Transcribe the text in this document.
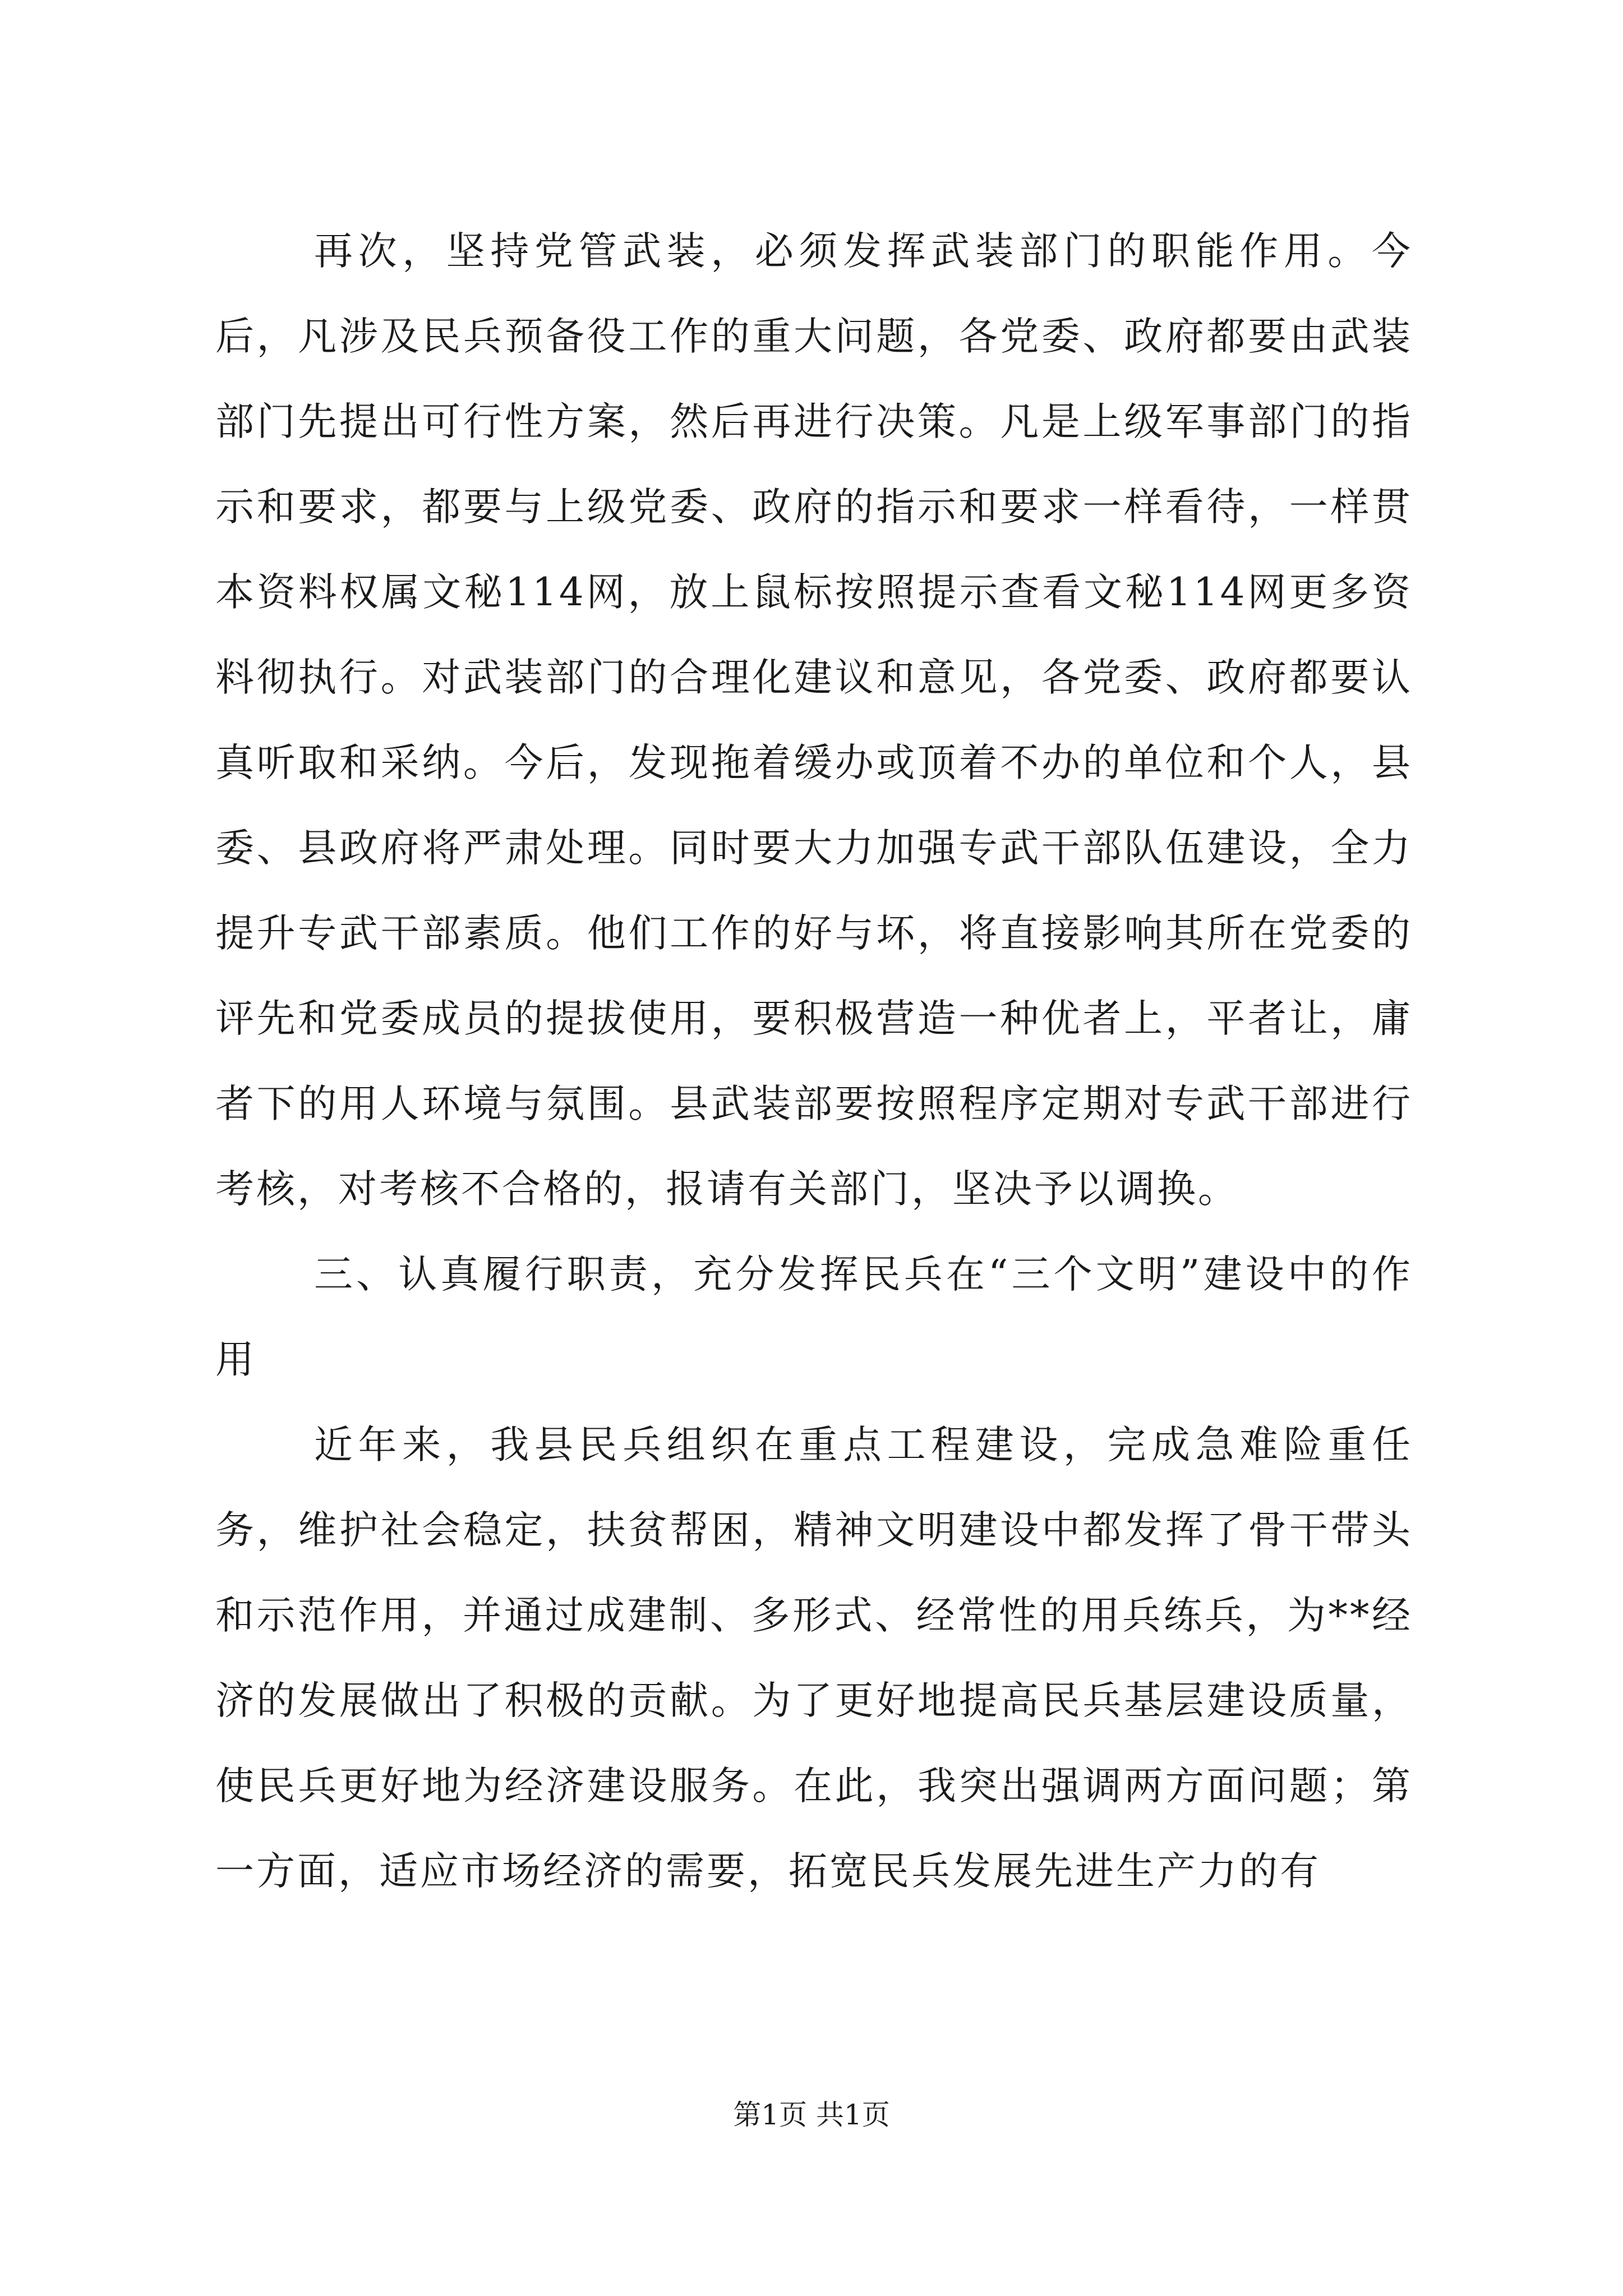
再次，坚持党管武装，必须发挥武装部门的职能作用。今后，凡涉及民兵预备役工作的重大问题，各党委、政府都要由武装部门先提出可行性方案，然后再进行决策。凡是上级军事部门的指示和要求，都要与上级党委、政府的指示和要求一样看待，一样贯本资料权属文秘114网，放上鼠标按照提示查看文秘114网更多资料彻执行。对武装部门的合理化建议和意见，各党委、政府都要认真听取和采纳。今后，发现拖着缓办或顶着不办的单位和个人，县委、县政府将严肃处理。同时要大力加强专武干部队伍建设，全力提升专武干部素质。他们工作的好与坏，将直接影响其所在党委的评先和党委成员的提拔使用，要积极营造一种优者上，平者让，庸者下的用人环境与氛围。县武装部要按照程序定期对专武干部进行考核，对考核不合格的，报请有关部门，坚决予以调换。

三、认真履行职责，充分发挥民兵在“三个文明”建设中的作用

近年来，我县民兵组织在重点工程建设，完成急难险重任务，维护社会稳定，扶贫帮困，精神文明建设中都发挥了骨干带头和示范作用，并通过成建制、多形式、经常性的用兵练兵，为**经济的发展做出了积极的贡献。为了更好地提高民兵基层建设质量，使民兵更好地为经济建设服务。在此，我突出强调两方面问题；第一方面，适应市场经济的需要，拓宽民兵发展先进生产力的有

第1页 共1页
